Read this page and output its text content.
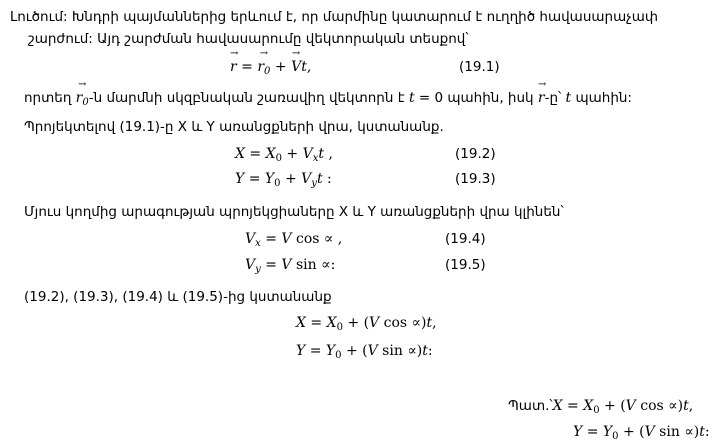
Լուծում: Խնդրի պայմաններից երևում է, որ մարմինը կատարում է ուղղիծ հավասարաչափ
շարժում: Այդ շարժման հավասարումը վեկտորական տեսքով՝
→ r = → $r_0$ + → Vt,	(19.1)
որտեղ → $r_0-ն$ մարմնի սկզբնական շառավիղ վեկտորն է t = 0 պահին, իսկ → r-ը՝ t պահին:
Պրոյեկտելով (19.1)-ը X և Y առանցքների վրա, կստանանք.
$X = X_0 + V_xt$ ,	(19.2)
$Y = Y_0 + V_yt$ :	(19.3)
Մյուս կողմից արագության պրոյեկցիաները X և Y առանցքների վրա կլինեն՝
$V_x = V$ cos ∝ ,	(19.4)
$V_y = V$ sin ∝:	(19.5)
(19.2), (19.3), (19.4) և (19.5)-ից կստանանք
$X = X_0 + (V$ cos ∝)t,
$Y = Y_0 + (V$ sin ∝)t:
Պատ.՝X = $X_0 + (V$ cos ∝)t,
$Y = Y_0 + (V$ sin ∝)t:
